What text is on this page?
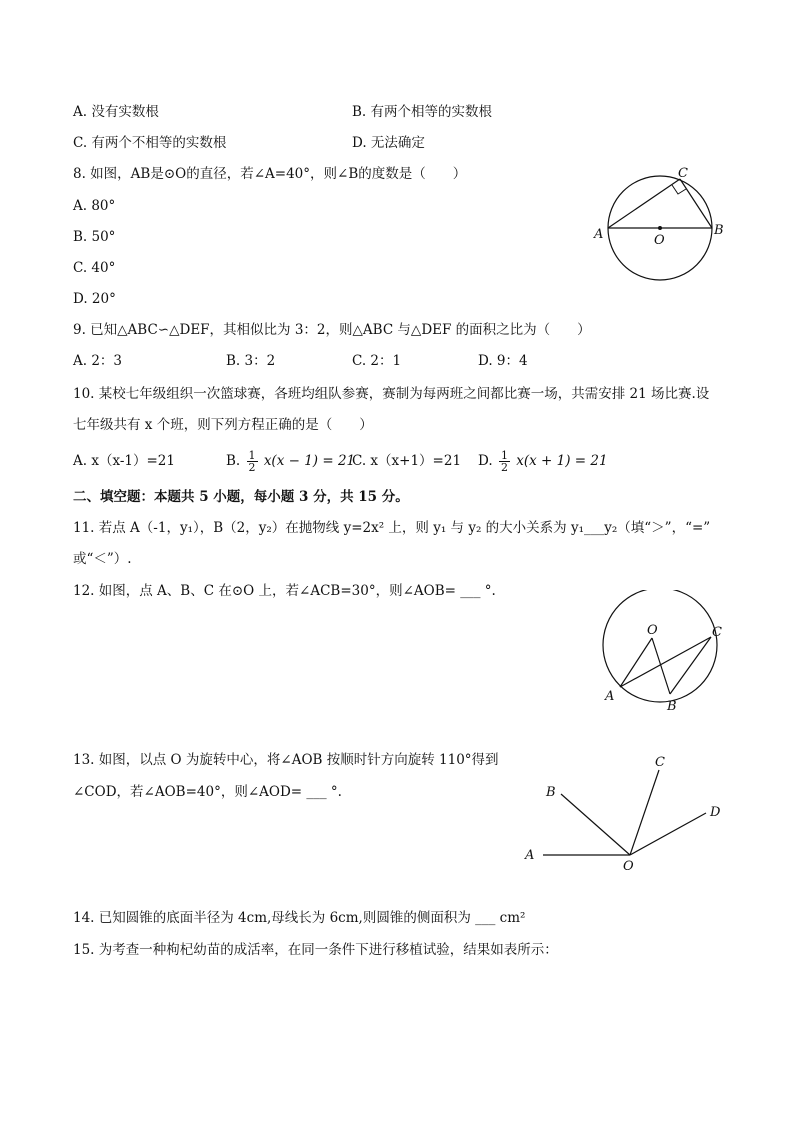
A. 没有实数根	B. 有两个相等的实数根
C. 有两个不相等的实数根	D. 无法确定
8. 如图，AB是⊙O的直径，若∠A=40°，则∠B的度数是（　　）
A. 80°
B. 50°
C. 40°
D. 20°
A	B
C
O
9. 已知△ABC∽△DEF，其相似比为 3：2，则△ABC 与△DEF 的面积之比为（　　）
A. 2：3	B. 3：2	C. 2：1	D. 9：4
10. 某校七年级组织一次篮球赛，各班均组队参赛，赛制为每两班之间都比赛一场，共需安排 21 场比赛.设
七年级共有 x 个班，则下列方程正确的是（　　）
A. x（x-1）=21	B. $\frac{1}{2} x(x - 1) = 21$
C. x（x+1）=21 D. $\frac{1}{2} x(x + 1) = 21$
二、填空题：本题共 5 小题，每小题 3 分，共 15 分。
11. 若点 A（-1，y₁），B（2，y₂）在抛物线 y=2x² 上，则 y₁ 与 y₂ 的大小关系为 y₁___y₂（填“＞”，“=”
或“＜”）.
12. 如图，点 A、B、C 在⊙O 上，若∠ACB=30°，则∠AOB= ___ °.
O	C
A
B
13. 如图，以点 O 为旋转中心，将∠AOB 按顺时针方向旋转 110°得到
∠COD，若∠AOB=40°，则∠AOD= ___ °.
A
B
C
D
O
14. 已知圆锥的底面半径为 4cm,母线长为 6cm,则圆锥的侧面积为 ___ cm²
15. 为考查一种枸杞幼苗的成活率，在同一条件下进行移植试验，结果如表所示：
